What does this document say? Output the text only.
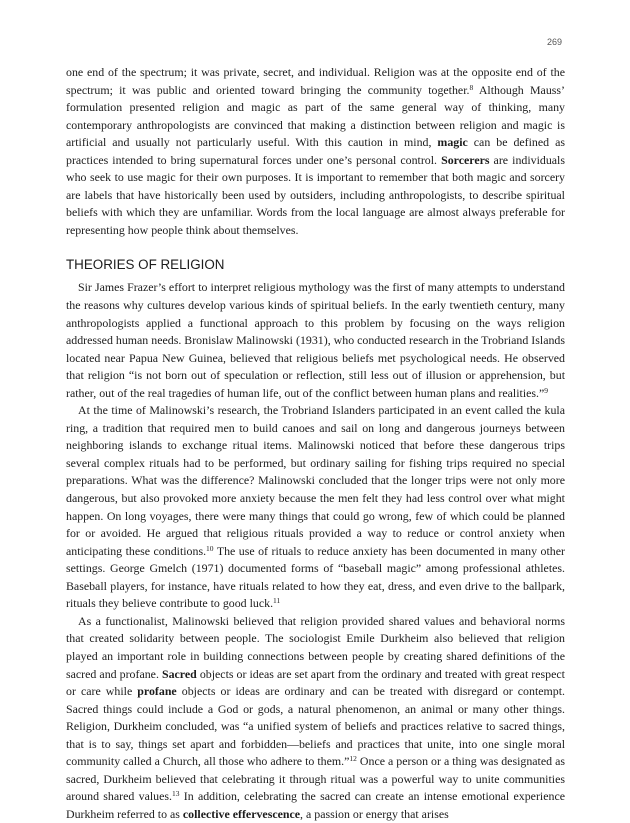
269

one end of the spectrum; it was private, secret, and individual. Religion was at the opposite end of the spectrum; it was public and oriented toward bringing the community together.$^8$ Although Mauss’ formulation presented religion and magic as part of the same general way of thinking, many contemporary anthropologists are convinced that making a distinction between religion and magic is artificial and usually not particularly useful. With this caution in mind, magic can be defined as practices intended to bring supernatural forces under one’s personal control. Sorcerers are individuals who seek to use magic for their own purposes. It is important to remember that both magic and sorcery are labels that have historically been used by outsiders, including anthropologists, to describe spiritual beliefs with which they are unfamiliar. Words from the local language are almost always preferable for representing how people think about themselves.

THEORIES OF RELIGION

Sir James Frazer’s effort to interpret religious mythology was the first of many attempts to understand the reasons why cultures develop various kinds of spiritual beliefs. In the early twentieth century, many anthropologists applied a functional approach to this problem by focusing on the ways religion addressed human needs. Bronislaw Malinowski (1931), who conducted research in the Trobriand Islands located near Papua New Guinea, believed that religious beliefs met psychological needs. He observed that religion “is not born out of speculation or reflection, still less out of illusion or apprehension, but rather, out of the real tragedies of human life, out of the conflict between human plans and realities.”$^9$

At the time of Malinowski’s research, the Trobriand Islanders participated in an event called the kula ring, a tradition that required men to build canoes and sail on long and dangerous journeys between neighboring islands to exchange ritual items. Malinowski noticed that before these dangerous trips several complex rituals had to be performed, but ordinary sailing for fishing trips required no special preparations. What was the difference? Malinowski concluded that the longer trips were not only more dangerous, but also provoked more anxiety because the men felt they had less control over what might happen. On long voyages, there were many things that could go wrong, few of which could be planned for or avoided. He argued that religious rituals provided a way to reduce or control anxiety when anticipating these conditions.$^{10}$ The use of rituals to reduce anxiety has been documented in many other settings. George Gmelch (1971) documented forms of “baseball magic” among professional athletes. Baseball players, for instance, have rituals related to how they eat, dress, and even drive to the ballpark, rituals they believe contribute to good luck.$^{11}$

As a functionalist, Malinowski believed that religion provided shared values and behavioral norms that created solidarity between people. The sociologist Emile Durkheim also believed that religion played an important role in building connections between people by creating shared definitions of the sacred and profane. Sacred objects or ideas are set apart from the ordinary and treated with great respect or care while profane objects or ideas are ordinary and can be treated with disregard or contempt. Sacred things could include a God or gods, a natural phenomenon, an animal or many other things. Religion, Durkheim concluded, was “a unified system of beliefs and practices relative to sacred things, that is to say, things set apart and forbidden—beliefs and practices that unite, into one single moral community called a Church, all those who adhere to them.”$^{12}$ Once a person or a thing was designated as sacred, Durkheim believed that celebrating it through ritual was a powerful way to unite communities around shared values.$^{13}$ In addition, celebrating the sacred can create an intense emotional experience Durkheim referred to as collective effervescence, a passion or energy that arises
